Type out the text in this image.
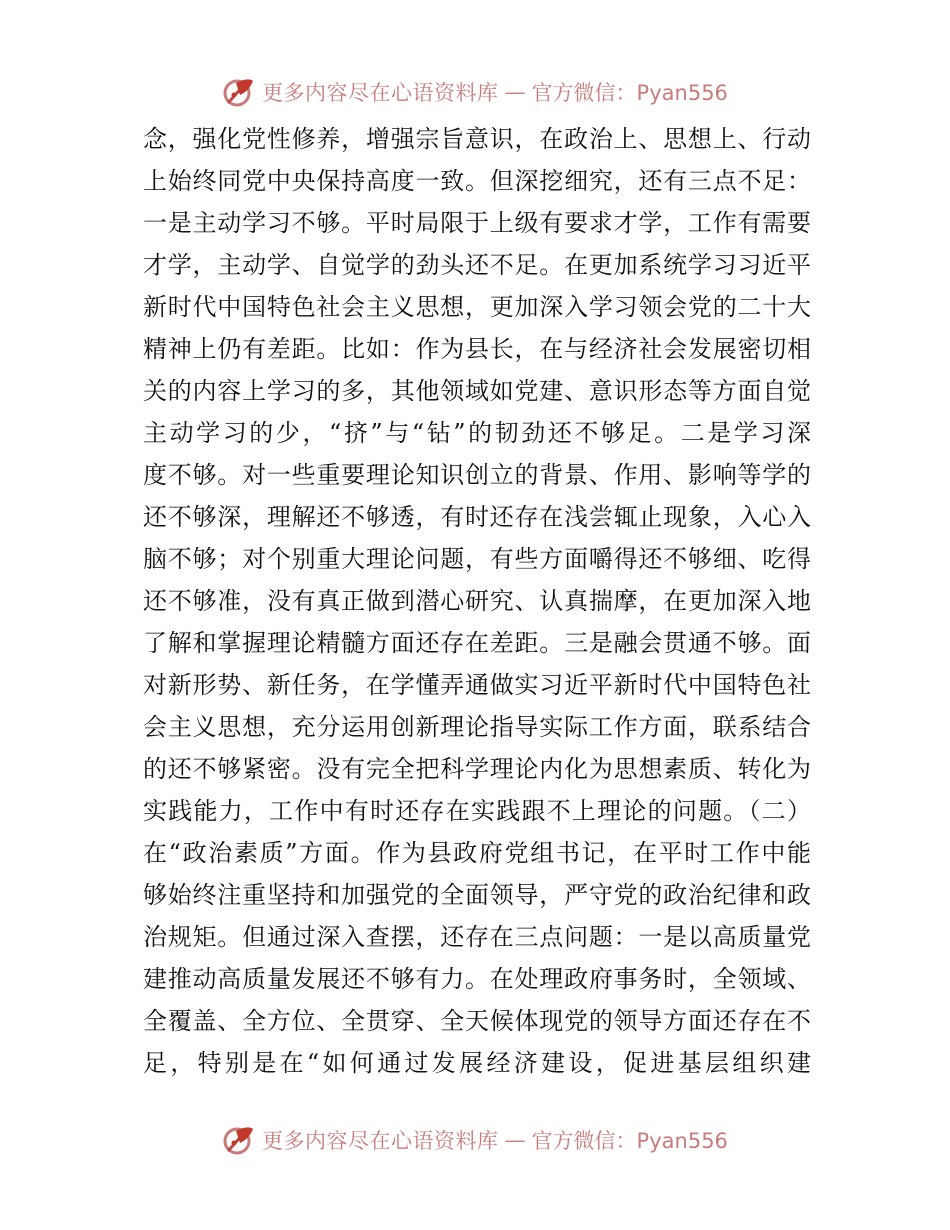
更多内容尽在心语资料库 — 官方微信：Pyan556
念，强化党性修养，增强宗旨意识，在政治上、思想上、行动
上始终同党中央保持高度一致。但深挖细究，还有三点不足：
一是主动学习不够。平时局限于上级有要求才学，工作有需要
才学，主动学、自觉学的劲头还不足。在更加系统学习习近平
新时代中国特色社会主义思想，更加深入学习领会党的二十大
精神上仍有差距。比如：作为县长，在与经济社会发展密切相
关的内容上学习的多，其他领域如党建、意识形态等方面自觉
主动学习的少，“挤”与“钻”的韧劲还不够足。二是学习深
度不够。对一些重要理论知识创立的背景、作用、影响等学的
还不够深，理解还不够透，有时还存在浅尝辄止现象，入心入
脑不够；对个别重大理论问题，有些方面嚼得还不够细、吃得
还不够准，没有真正做到潜心研究、认真揣摩，在更加深入地
了解和掌握理论精髓方面还存在差距。三是融会贯通不够。面
对新形势、新任务，在学懂弄通做实习近平新时代中国特色社
会主义思想，充分运用创新理论指导实际工作方面，联系结合
的还不够紧密。没有完全把科学理论内化为思想素质、转化为
实践能力，工作中有时还存在实践跟不上理论的问题。（二）
在“政治素质”方面。作为县政府党组书记，在平时工作中能
够始终注重坚持和加强党的全面领导，严守党的政治纪律和政
治规矩。但通过深入查摆，还存在三点问题：一是以高质量党
建推动高质量发展还不够有力。在处理政府事务时，全领域、
全覆盖、全方位、全贯穿、全天候体现党的领导方面还存在不
足，特别是在“如何通过发展经济建设，促进基层组织建
更多内容尽在心语资料库 — 官方微信：Pyan556
